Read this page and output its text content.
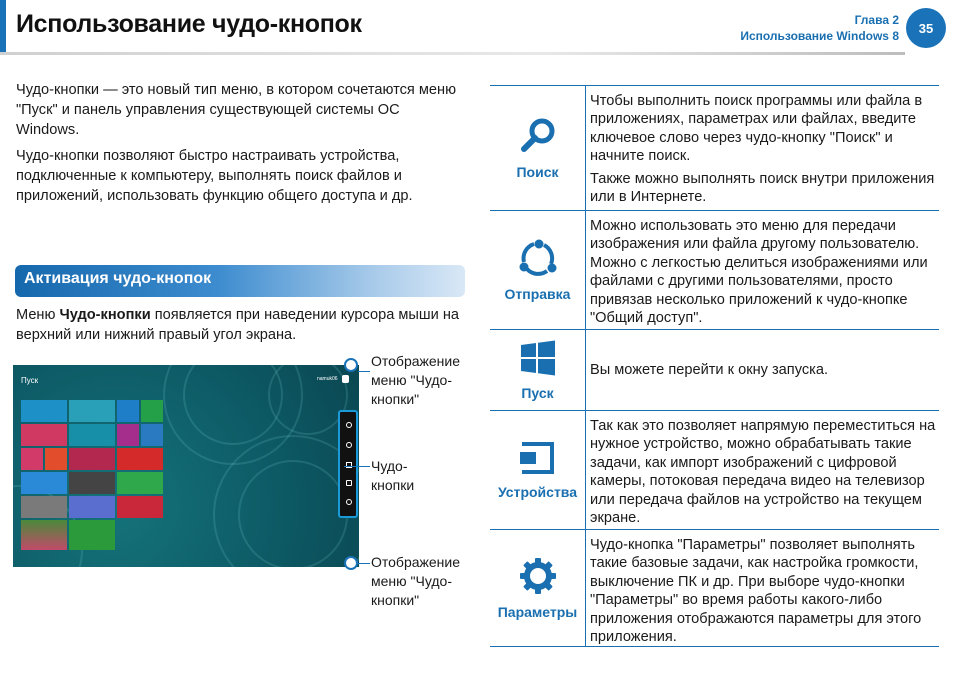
Использование чудо-кнопок	Глава 2
Использование Windows 8
35

Чудо-кнопки — это новый тип меню, в котором сочетаются меню "Пуск" и панель управления существующей системы ОС Windows.

Чудо-кнопки позволяют быстро настраивать устройства, подключенные к компьютеру, выполнять поиск файлов и приложений, использовать функцию общего доступа и др.

Активация чудо-кнопок

Меню Чудо-кнопки появляется при наведении курсора мыши на верхний или нижний правый угол экрана.

Пуск	namuk06
Отображение меню "Чудо-кнопки"
Чудо-кнопки
Отображение меню "Чудо-кнопки"
Поиск

Чтобы выполнить поиск программы или файла в приложениях, параметрах или файлах, введите ключевое слово через чудо-кнопку "Поиск" и начните поиск.

Также можно выполнять поиск внутри приложения или в Интернете.

Отправка

Можно использовать это меню для передачи изображения или файла другому пользователю. Можно с легкостью делиться изображениями или файлами с другими пользователями, просто привязав несколько приложений к чудо-кнопке "Общий доступ".

Пуск

Вы можете перейти к окну запуска.

Устройства

Так как это позволяет напрямую переместиться на нужное устройство, можно обрабатывать такие задачи, как импорт изображений с цифровой камеры, потоковая передача видео на телевизор или передача файлов на устройство на текущем экране.

Параметры

Чудо-кнопка "Параметры" позволяет выполнять такие базовые задачи, как настройка громкости, выключение ПК и др. При выборе чудо-кнопки "Параметры" во время работы какого-либо приложения отображаются параметры для этого приложения.
